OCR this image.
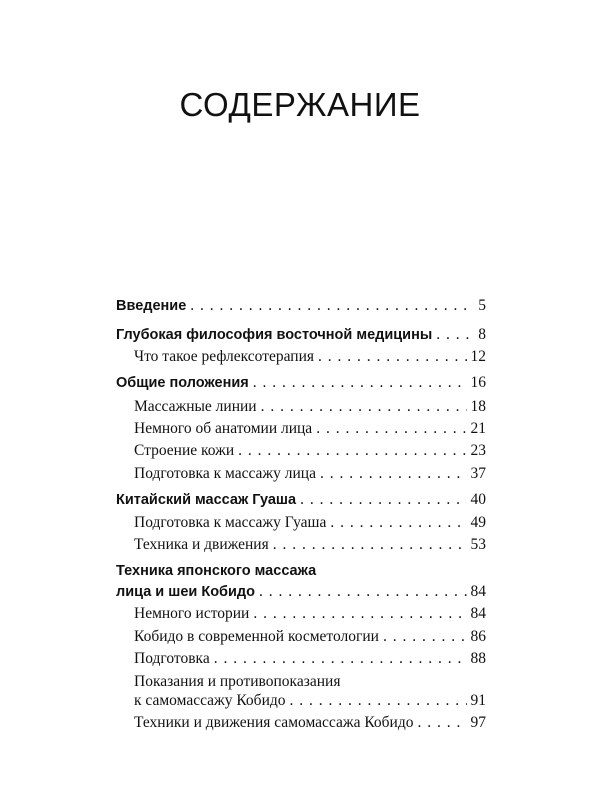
СОДЕРЖАНИЕ
Введение . . .	5
Глубокая философия восточной медицины . . .	8
Что такое рефлексотерапия . . .	12
Общие положения . . .	16
Массажные линии . . .	18
Немного об анатомии лица . . .	21
Строение кожи . . .	23
Подготовка к массажу лица . . .	37
Китайский массаж Гуаша . . .	40
Подготовка к массажу Гуаша . . .	49
Техника и движения . . .	53
Техника японского массажа
лица и шеи Кобидо . . .	84
Немного истории . . .	84
Кобидо в современной косметологии . . .	86
Подготовка . . .	88
Показания и противопоказания
к самомассажу Кобидо . . .	91
Техники и движения самомассажа Кобидо . . .	97
